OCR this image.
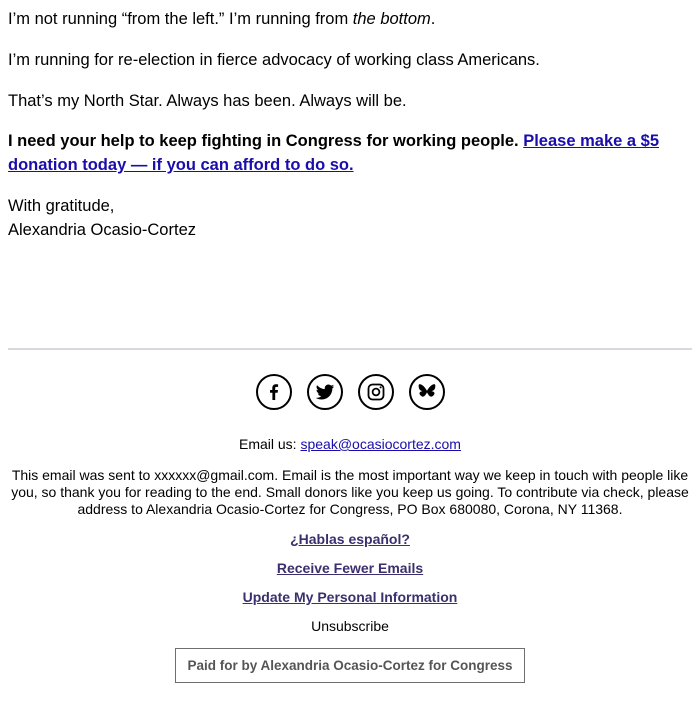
I’m not running “from the left.” I’m running from the bottom.

I’m running for re-election in fierce advocacy of working class Americans.

That’s my North Star. Always has been. Always will be.

I need your help to keep fighting in Congress for working people. Please make a $5 donation today — if you can afford to do so.

With gratitude,
Alexandria Ocasio-Cortez

Email us: speak@ocasiocortez.com
This email was sent to xxxxxx@gmail.com. Email is the most important way we keep in touch with people like you, so thank you for reading to the end. Small donors like you keep us going. To contribute via check, please address to Alexandria Ocasio-Cortez for Congress, PO Box 680080, Corona, NY 11368.
¿Hablas español?
Receive Fewer Emails
Update My Personal Information
Unsubscribe
Paid for by Alexandria Ocasio-Cortez for Congress
